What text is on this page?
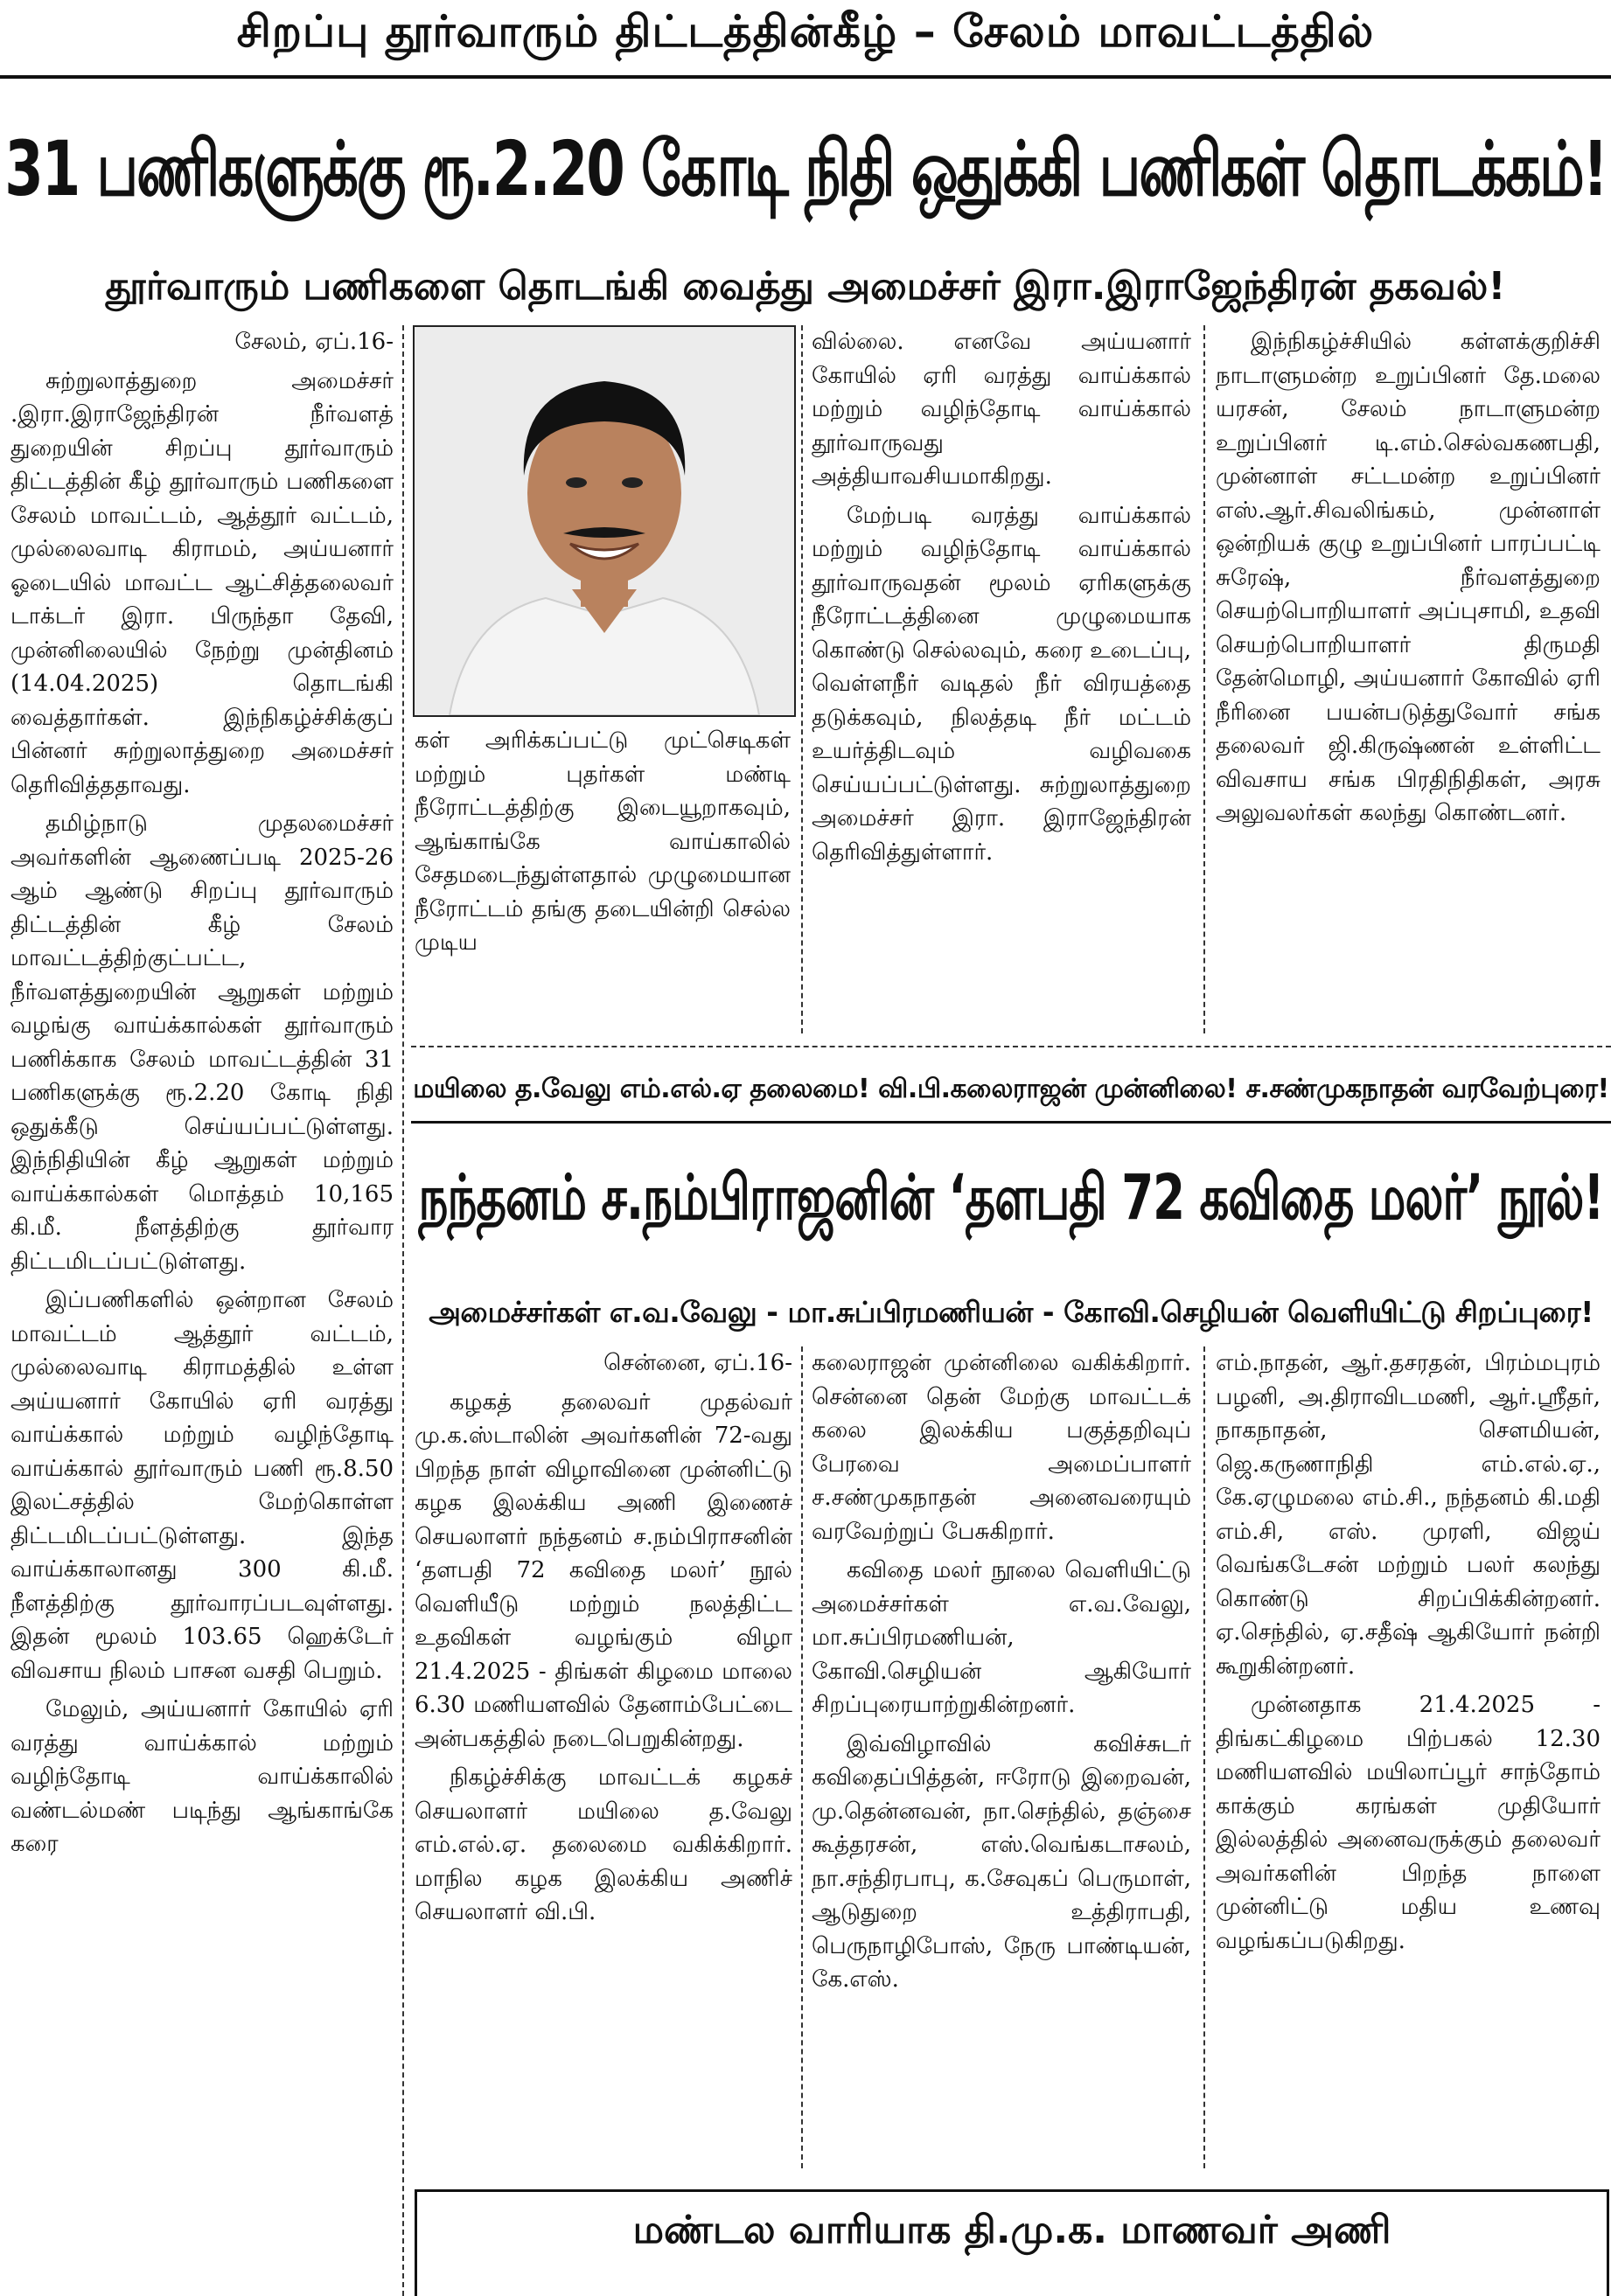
சிறப்பு தூர்வாரும் திட்டத்தின்கீழ் – சேலம் மாவட்டத்தில்
31 பணிகளுக்கு ரூ.2.20 கோடி நிதி ஒதுக்கி பணிகள் தொடக்கம்!
தூர்வாரும் பணிகளை தொடங்கி வைத்து அமைச்சர் இரா.இராஜேந்திரன் தகவல்!

சேலம், ஏப்.16-

சுற்றுலாத்துறை அமைச்சர் .இரா.இராஜேந்திரன் நீர்வளத் துறையின் சிறப்பு தூர்வாரும் திட்டத்தின் கீழ் தூர்வாரும் பணிகளை சேலம் மாவட்டம், ஆத்தூர் வட்டம், முல்லைவாடி கிராமம், அய்யனார் ஓடையில் மாவட்ட ஆட்சித்தலைவர் டாக்டர் இரா. பிருந்தா தேவி, முன்னிலையில் நேற்று முன்தினம் (14.04.2025) தொடங்கி வைத்தார்கள். இந்நிகழ்ச்சிக்குப் பின்னர் சுற்றுலாத்துறை அமைச்சர் தெரிவித்ததாவது.

தமிழ்நாடு முதலமைச்சர் அவர்களின் ஆணைப்படி 2025-26 ஆம் ஆண்டு சிறப்பு தூர்வாரும் திட்டத்தின் கீழ் சேலம் மாவட்டத்திற்குட்பட்ட, நீர்வளத்துறையின் ஆறுகள் மற்றும் வழங்கு வாய்க்கால்கள் தூர்வாரும் பணிக்காக சேலம் மாவட்டத்தின் 31 பணிகளுக்கு ரூ.2.20 கோடி நிதி ஒதுக்கீடு செய்யப்பட்டுள்ளது. இந்நிதியின் கீழ் ஆறுகள் மற்றும் வாய்க்கால்கள் மொத்தம் 10,165 கி.மீ. நீளத்திற்கு தூர்வார திட்டமிடப்பட்டுள்ளது.

இப்பணிகளில் ஒன்றான சேலம் மாவட்டம் ஆத்தூர் வட்டம், முல்லைவாடி கிராமத்தில் உள்ள அய்யனார் கோயில் ஏரி வரத்து வாய்க்கால் மற்றும் வழிந்தோடி வாய்க்கால் தூர்வாரும் பணி ரூ.8.50 இலட்சத்தில் மேற்கொள்ள திட்டமிடப்பட்டுள்ளது. இந்த வாய்க்காலானது 300 கி.மீ. நீளத்திற்கு தூர்வாரப்படவுள்ளது. இதன் மூலம் 103.65 ஹெக்டேர் விவசாய நிலம் பாசன வசதி பெறும்.

மேலும், அய்யனார் கோயில் ஏரி வரத்து வாய்க்கால் மற்றும் வழிந்தோடி வாய்க்காலில் வண்டல்மண் படிந்து ஆங்காங்கே கரை

கள் அரிக்கப்பட்டு முட்செடிகள் மற்றும் புதர்கள் மண்டி நீரோட்டத்திற்கு இடையூறாகவும், ஆங்காங்கே வாய்காலில் சேதமடைந்துள்ளதால் முழுமையான நீரோட்டம் தங்கு தடையின்றி செல்ல முடிய

வில்லை. எனவே அய்யனார் கோயில் ஏரி வரத்து வாய்க்கால் மற்றும் வழிந்தோடி வாய்க்கால் தூர்வாருவது அத்தியாவசியமாகிறது.

மேற்படி வரத்து வாய்க்கால் மற்றும் வழிந்தோடி வாய்க்கால் தூர்வாருவதன் மூலம் ஏரிகளுக்கு நீரோட்டத்தினை முழுமையாக கொண்டு செல்லவும், கரை உடைப்பு, வெள்ளநீர் வடிதல் நீர் விரயத்தை தடுக்கவும், நிலத்தடி நீர் மட்டம் உயர்த்திடவும் வழிவகை செய்யப்பட்டுள்ளது. சுற்றுலாத்துறை அமைச்சர் இரா. இராஜேந்திரன் தெரிவித்துள்ளார்.

இந்நிகழ்ச்சியில் கள்ளக்குறிச்சி நாடாளுமன்ற உறுப்பினர் தே.மலை யரசன், சேலம் நாடாளுமன்ற உறுப்பினர் டி.எம்.செல்வகணபதி, முன்னாள் சட்டமன்ற உறுப்பினர் எஸ்.ஆர்.சிவலிங்கம், முன்னாள் ஒன்றியக் குழு உறுப்பினர் பாரப்பட்டி சுரேஷ், நீர்வளத்துறை செயற்பொறியாளர் அப்புசாமி, உதவி செயற்பொறியாளர் திருமதி தேன்மொழி, அய்யனார் கோவில் ஏரி நீரினை பயன்படுத்துவோர் சங்க தலைவர் ஜி.கிருஷ்ணன் உள்ளிட்ட விவசாய சங்க பிரதிநிதிகள், அரசு அலுவலர்கள் கலந்து கொண்டனர்.

மயிலை த.வேலு எம்.எல்.ஏ தலைமை! வி.பி.கலைராஜன் முன்னிலை! ச.சண்முகநாதன் வரவேற்புரை!
நந்தனம் ச.நம்பிராஜனின் ‘தளபதி 72 கவிதை மலர்’ நூல்!
அமைச்சர்கள் எ.வ.வேலு - மா.சுப்பிரமணியன் - கோவி.செழியன் வெளியிட்டு சிறப்புரை!

சென்னை, ஏப்.16-

கழகத் தலைவர் முதல்வர் மு.க.ஸ்டாலின் அவர்களின் 72-வது பிறந்த நாள் விழாவினை முன்னிட்டு கழக இலக்கிய அணி இணைச் செயலாளர் நந்தனம் ச.நம்பிராசனின் ‘தளபதி 72 கவிதை மலர்’ நூல் வெளியீடு மற்றும் நலத்திட்ட உதவிகள் வழங்கும் விழா 21.4.2025 - திங்கள் கிழமை மாலை 6.30 மணியளவில் தேனாம்பேட்டை அன்பகத்தில் நடைபெறுகின்றது.

நிகழ்ச்சிக்கு மாவட்டக் கழகச் செயலாளர் மயிலை த.வேலு எம்.எல்.ஏ. தலைமை வகிக்கிறார். மாநில கழக இலக்கிய அணிச் செயலாளர் வி.பி.

கலைராஜன் முன்னிலை வகிக்கிறார். சென்னை தென் மேற்கு மாவட்டக் கலை இலக்கிய பகுத்தறிவுப் பேரவை அமைப்பாளர் ச.சண்முகநாதன் அனைவரையும் வரவேற்றுப் பேசுகிறார்.

கவிதை மலர் நூலை வெளியிட்டு அமைச்சர்கள் எ.வ.வேலு, மா.சுப்பிரமணியன், கோவி.செழியன் ஆகியோர் சிறப்புரையாற்றுகின்றனர்.

இவ்விழாவில் கவிச்சுடர் கவிதைப்பித்தன், ஈரோடு இறைவன், மு.தென்னவன், நா.செந்தில், தஞ்சை கூத்தரசன், எஸ்.வெங்கடாசலம், நா.சந்திரபாபு, க.சேவுகப் பெருமாள், ஆடுதுறை உத்திராபதி, பெருநாழிபோஸ், நேரு பாண்டியன், கே.எஸ்.

எம்.நாதன், ஆர்.தசரதன், பிரம்மபுரம் பழனி, அ.திராவிடமணி, ஆர்.ஸ்ரீதர், நாகநாதன், சௌமியன், ஜெ.கருணாநிதி எம்.எல்.ஏ., கே.ஏழுமலை எம்.சி., நந்தனம் கி.மதி எம்.சி, எஸ். முரளி, விஜய் வெங்கடேசன் மற்றும் பலர் கலந்து கொண்டு சிறப்பிக்கின்றனர். ஏ.செந்தில், ஏ.சதீஷ் ஆகியோர் நன்றி கூறுகின்றனர்.

முன்னதாக 21.4.2025 - திங்கட்கிழமை பிற்பகல் 12.30 மணியளவில் மயிலாப்பூர் சாந்தோம் காக்கும் கரங்கள் முதியோர் இல்லத்தில் அனைவருக்கும் தலைவர் அவர்களின் பிறந்த நாளை முன்னிட்டு மதிய உணவு வழங்கப்படுகிறது.

மண்டல வாரியாக தி.மு.க. மாணவர் அணி
